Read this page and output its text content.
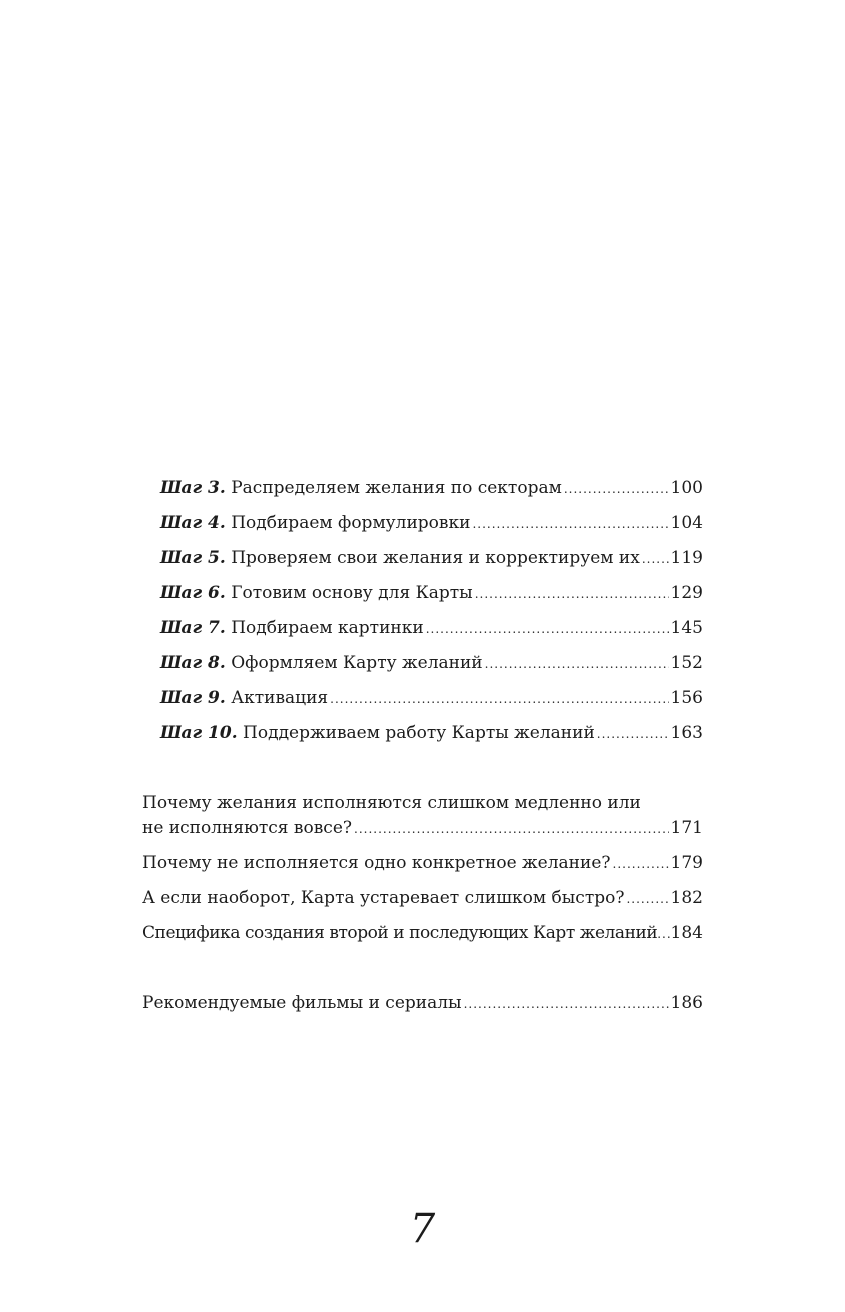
Шаг 3. Распределяем желания по секторам .....	100
Шаг 4. Подбираем формулировки .....	104
Шаг 5. Проверяем свои желания и корректируем их ..... 119
Шаг 6. Готовим основу для Карты .....	129
Шаг 7. Подбираем картинки .....	145
Шаг 8. Оформляем Карту желаний .....	152
Шаг 9. Активация .....	156
Шаг 10. Поддерживаем работу Карты желаний .....	163
Почему желания исполняются слишком медленно или
не исполняются вовсе? .....	171
Почему не исполняется одно конкретное желание? .....	179
А если наоборот, Карта устаревает слишком быстро? .....	182
Специфика создания второй и последующих Карт желаний ..... 184
Рекомендуемые фильмы и сериалы .....	186
7
